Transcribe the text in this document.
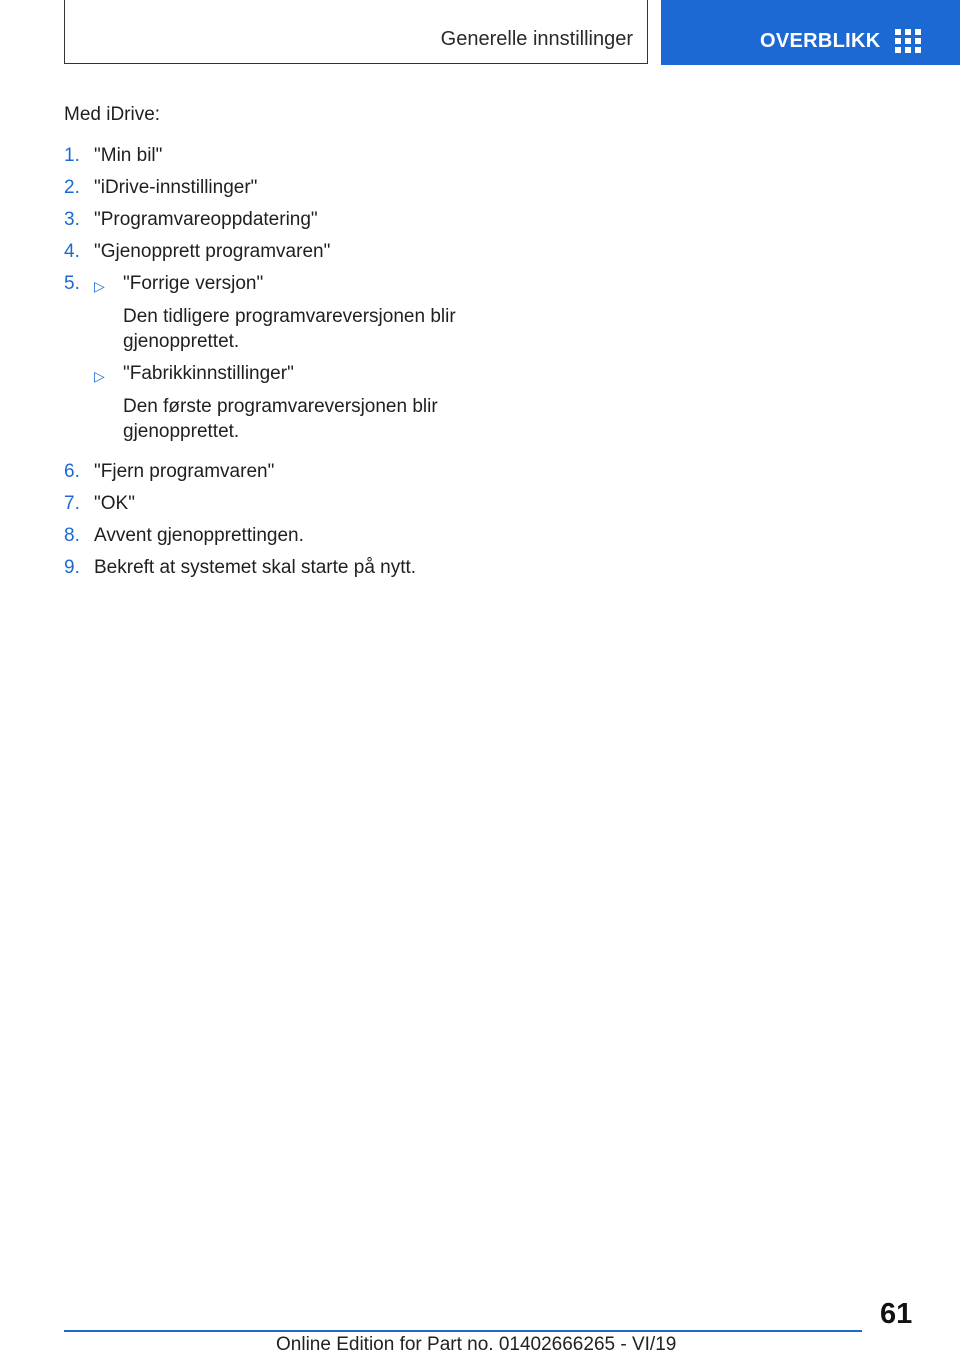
Generelle innstillinger	OVERBLIKK

Med iDrive:

1. "Min bil"
2. "iDrive-innstillinger"
3. "Programvareoppdatering"
4. "Gjenopprett programvaren"
5.	▷ "Forrige versjon"
Den tidligere programvareversjonen blir gjenopprettet.
▷ "Fabrikkinnstillinger"
Den første programvareversjonen blir gjenopprettet.
6. "Fjern programvaren"
7. "OK"
8. Avvent gjenopprettingen.
9. Bekreft at systemet skal starte på nytt.
61
Online Edition for Part no. 01402666265 - VI/19
